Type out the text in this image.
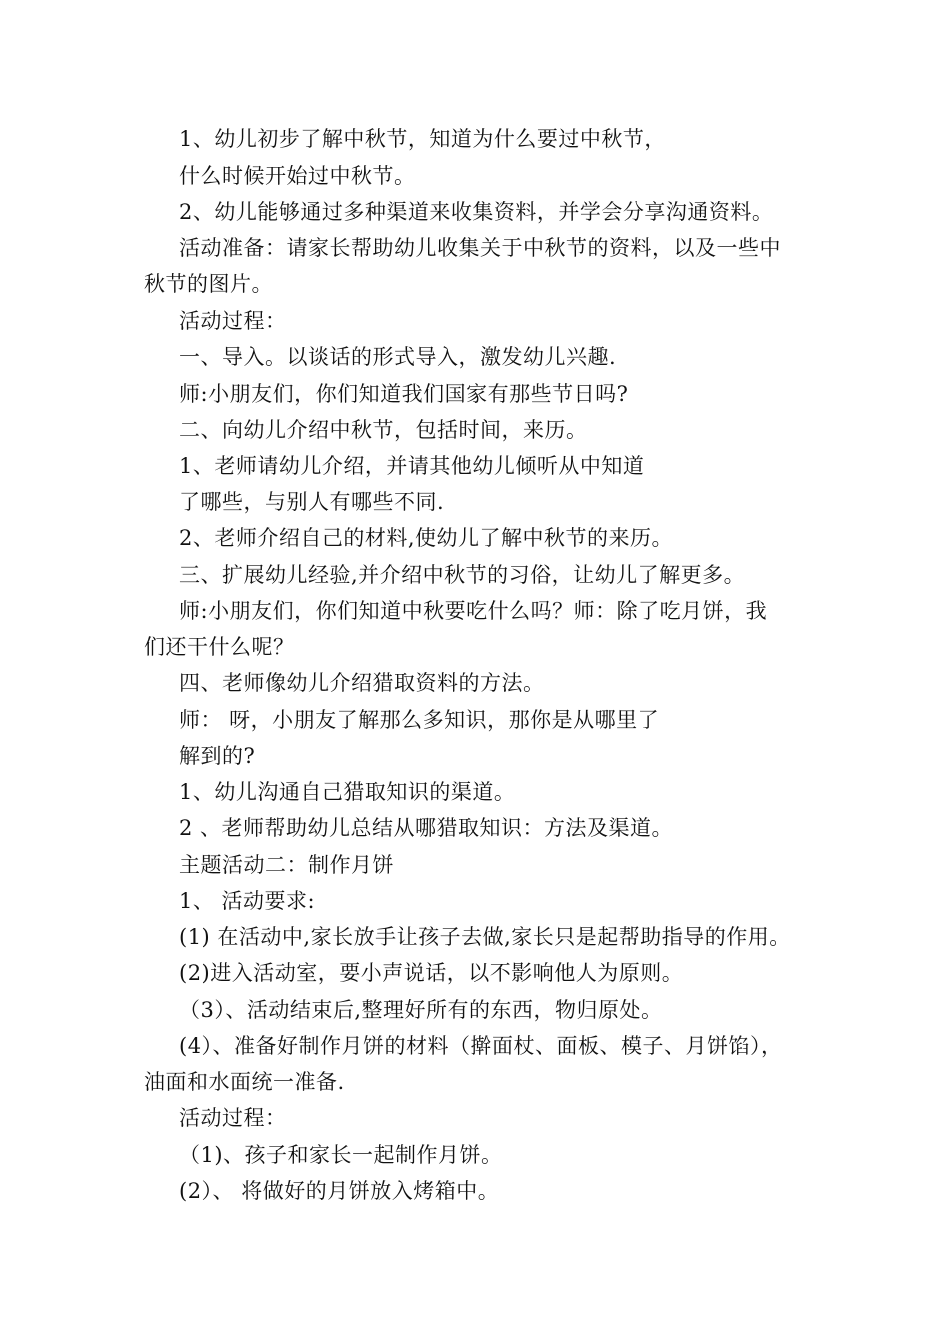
1、幼儿初步了解中秋节，知道为什么要过中秋节，
什么时候开始过中秋节。
2、幼儿能够通过多种渠道来收集资料，并学会分享沟通资料。
活动准备：请家长帮助幼儿收集关于中秋节的资料，以及一些中
秋节的图片。
活动过程：
一、导入。以谈话的形式导入，激发幼儿兴趣.
师:小朋友们，你们知道我们国家有那些节日吗?
二、向幼儿介绍中秋节，包括时间，来历。
1、老师请幼儿介绍，并请其他幼儿倾听从中知道
了哪些，与别人有哪些不同.
2、老师介绍自己的材料,使幼儿了解中秋节的来历。
三、扩展幼儿经验,并介绍中秋节的习俗，让幼儿了解更多。
师:小朋友们，你们知道中秋要吃什么吗？师：除了吃月饼，我
们还干什么呢？
四、老师像幼儿介绍猎取资料的方法。
师： 呀，小朋友了解那么多知识，那你是从哪里了
解到的?
1、幼儿沟通自己猎取知识的渠道。
2 、老师帮助幼儿总结从哪猎取知识：方法及渠道。
主题活动二：制作月饼
1、 活动要求:
(1) 在活动中,家长放手让孩子去做,家长只是起帮助指导的作用。
(2)进入活动室，要小声说话，以不影响他人为原则。
（3）、活动结束后,整理好所有的东西，物归原处。
(4）、准备好制作月饼的材料（擀面杖、面板、模子、月饼馅），
油面和水面统一准备.
活动过程：
（1)、孩子和家长一起制作月饼。
(2）、 将做好的月饼放入烤箱中。
